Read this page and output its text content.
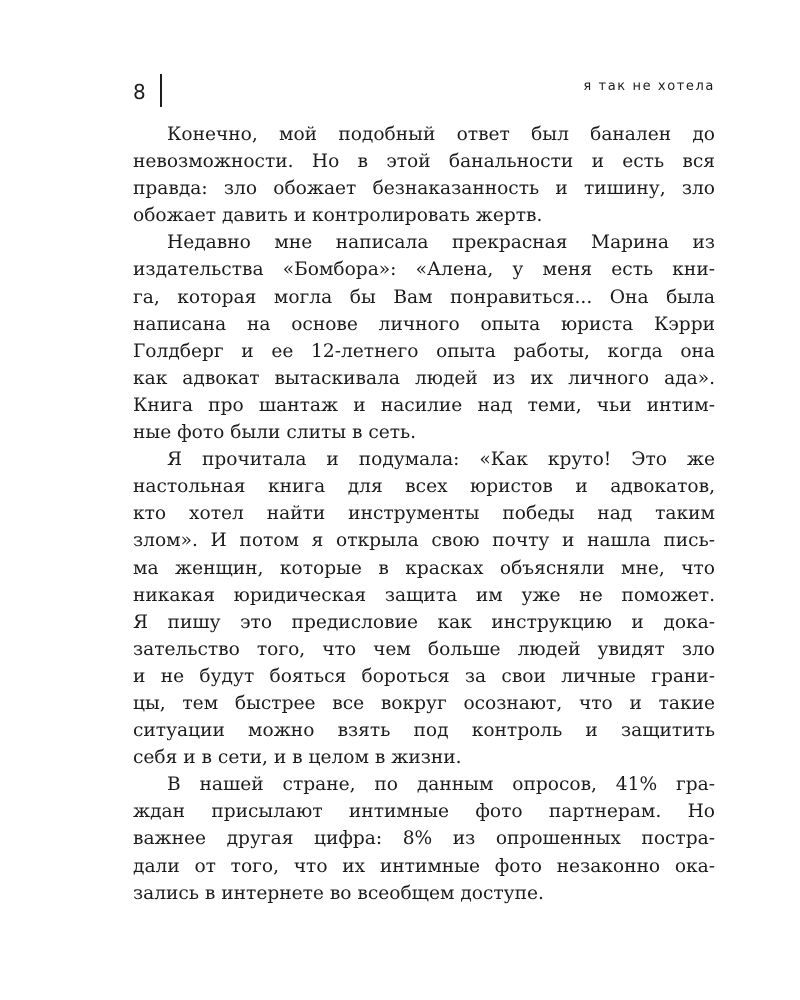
8	я так не хотела
Конечно, мой подобный ответ был банален до
невозможности. Но в этой банальности и есть вся
правда: зло обожает безнаказанность и тишину, зло
обожает давить и контролировать жертв.
Недавно мне написала прекрасная Марина из
издательства «Бомбора»: «Алена, у меня есть кни-
га, которая могла бы Вам понравиться... Она была
написана на основе личного опыта юриста Кэрри
Голдберг и ее 12-летнего опыта работы, когда она
как адвокат вытаскивала людей из их личного ада».
Книга про шантаж и насилие над теми, чьи интим-
ные фото были слиты в сеть.
Я прочитала и подумала: «Как круто! Это же
настольная книга для всех юристов и адвокатов,
кто хотел найти инструменты победы над таким
злом». И потом я открыла свою почту и нашла пись-
ма женщин, которые в красках объясняли мне, что
никакая юридическая защита им уже не поможет.
Я пишу это предисловие как инструкцию и дока-
зательство того, что чем больше людей увидят зло
и не будут бояться бороться за свои личные грани-
цы, тем быстрее все вокруг осознают, что и такие
ситуации можно взять под контроль и защитить
себя и в сети, и в целом в жизни.
В нашей стране, по данным опросов, 41% гра-
ждан присылают интимные фото партнерам. Но
важнее другая цифра: 8% из опрошенных постра-
дали от того, что их интимные фото незаконно ока-
зались в интернете во всеобщем доступе.
